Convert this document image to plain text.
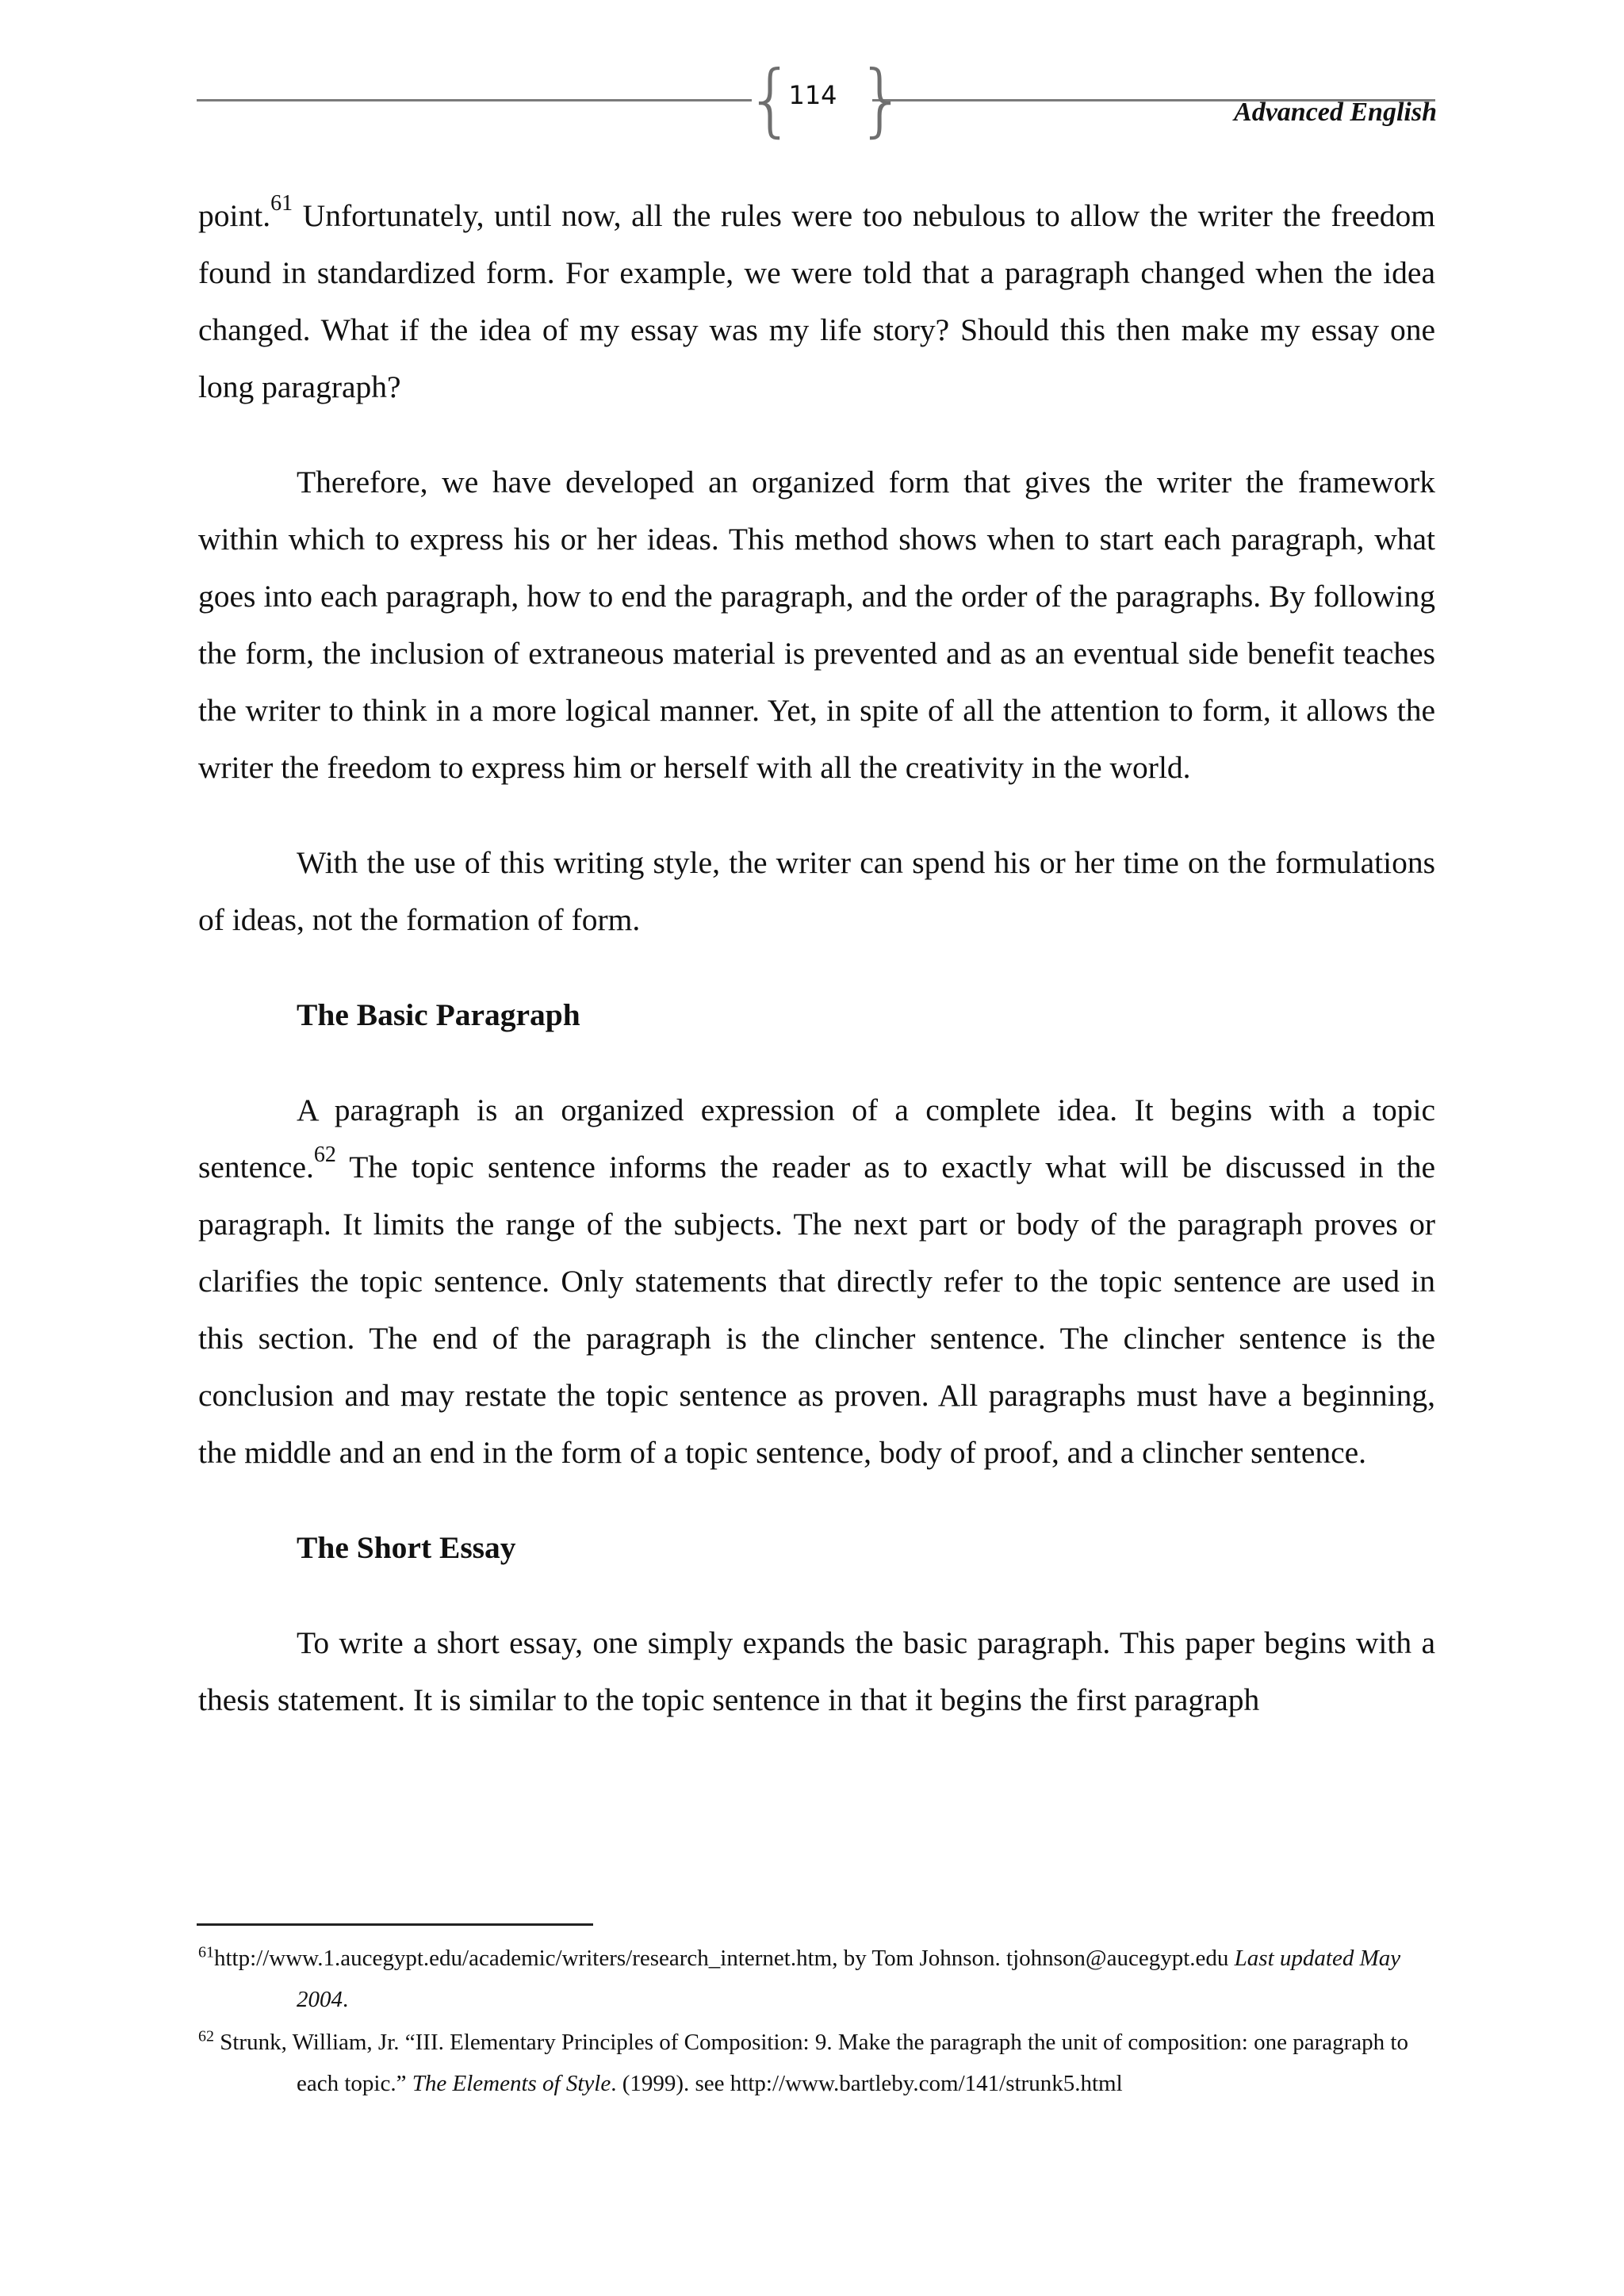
{ }
114
Advanced English

point.$^{61}$ Unfortunately, until now, all the rules were too nebulous to allow the writer the freedom found in standardized form. For example, we were told that a paragraph changed when the idea changed. What if the idea of my essay was my life story? Should this then make my essay one long paragraph?

Therefore, we have developed an organized form that gives the writer the framework within which to express his or her ideas. This method shows when to start each paragraph, what goes into each paragraph, how to end the paragraph, and the order of the paragraphs. By following the form, the inclusion of extraneous material is prevented and as an eventual side benefit teaches the writer to think in a more logical manner. Yet, in spite of all the attention to form, it allows the writer the freedom to express him or herself with all the creativity in the world.

With the use of this writing style, the writer can spend his or her time on the formulations of ideas, not the formation of form.

The Basic Paragraph

A paragraph is an organized expression of a complete idea. It begins with a topic sentence.$^{62}$ The topic sentence informs the reader as to exactly what will be discussed in the paragraph. It limits the range of the subjects. The next part or body of the paragraph proves or clarifies the topic sentence. Only statements that directly refer to the topic sentence are used in this section. The end of the paragraph is the clincher sentence. The clincher sentence is the conclusion and may restate the topic sentence as proven. All paragraphs must have a beginning, the middle and an end in the form of a topic sentence, body of proof, and a clincher sentence.

The Short Essay

To write a short essay, one simply expands the basic paragraph. This paper begins with a thesis statement. It is similar to the topic sentence in that it begins the first paragraph

$^{61}$http://www.1.aucegypt.edu/academic/writers/research_internet.htm, by Tom Johnson. tjohnson@aucegypt.edu Last updated May 2004.
$^{62}$ Strunk, William, Jr. “III. Elementary Principles of Composition: 9. Make the paragraph the unit of composition: one paragraph to each topic.” The Elements of Style. (1999). see http://www.bartleby.com/141/strunk5.html
